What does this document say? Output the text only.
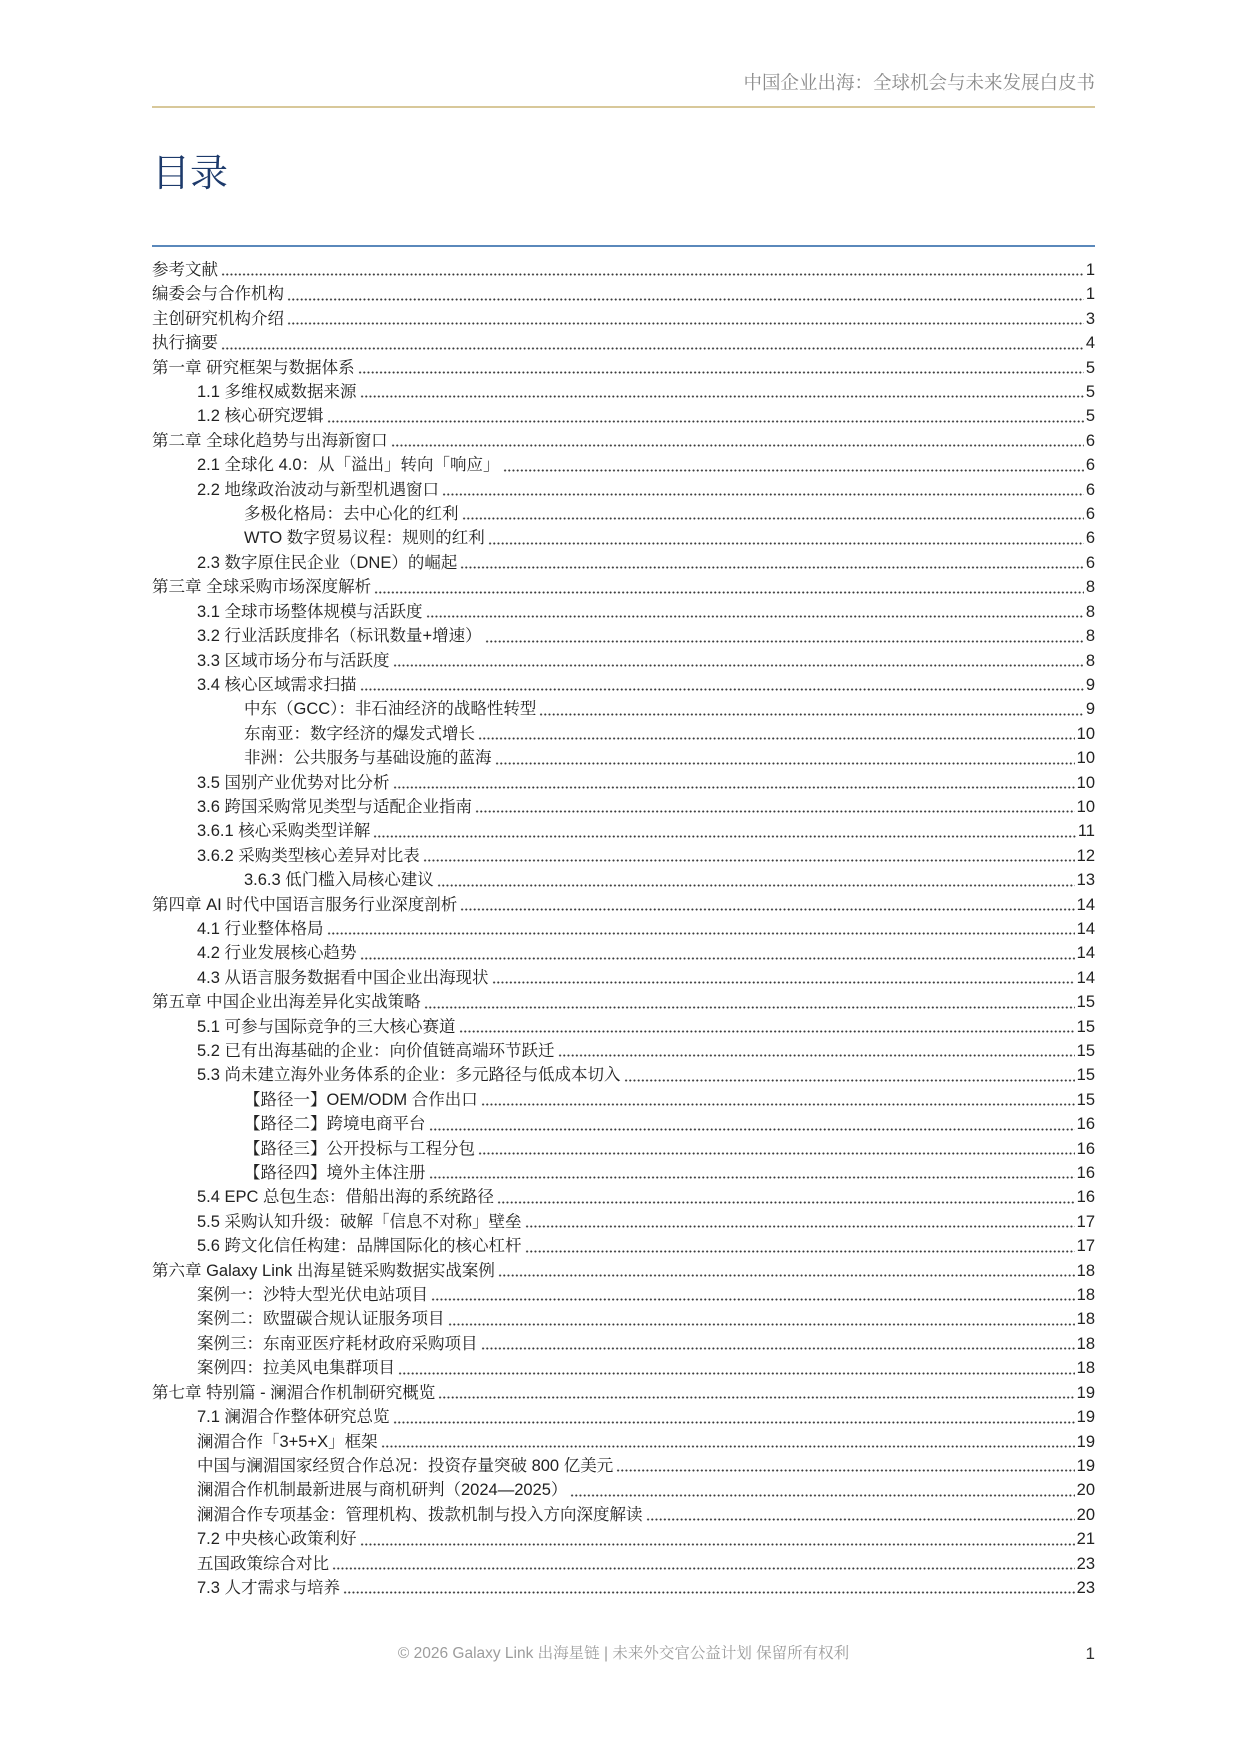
中国企业出海：全球机会与未来发展白皮书
目录
参考文献	1
编委会与合作机构	1
主创研究机构介绍	3
执行摘要	4
第一章 研究框架与数据体系	5
1.1 多维权威数据来源	5
1.2 核心研究逻辑	5
第二章 全球化趋势与出海新窗口	6
2.1 全球化 4.0：从「溢出」转向「响应」	6
2.2 地缘政治波动与新型机遇窗口	6
多极化格局：去中心化的红利	6
WTO 数字贸易议程：规则的红利	6
2.3 数字原住民企业（DNE）的崛起	6
第三章 全球采购市场深度解析	8
3.1 全球市场整体规模与活跃度	8
3.2 行业活跃度排名（标讯数量+增速）	8
3.3 区域市场分布与活跃度	8
3.4 核心区域需求扫描	9
中东（GCC）：非石油经济的战略性转型	9
东南亚：数字经济的爆发式增长	10
非洲：公共服务与基础设施的蓝海	10
3.5 国别产业优势对比分析	10
3.6 跨国采购常见类型与适配企业指南	10
3.6.1 核心采购类型详解	11
3.6.2 采购类型核心差异对比表	12
3.6.3 低门槛入局核心建议	13
第四章 AI 时代中国语言服务行业深度剖析	14
4.1 行业整体格局	14
4.2 行业发展核心趋势	14
4.3 从语言服务数据看中国企业出海现状	14
第五章 中国企业出海差异化实战策略	15
5.1 可参与国际竞争的三大核心赛道	15
5.2 已有出海基础的企业：向价值链高端环节跃迁	15
5.3 尚未建立海外业务体系的企业：多元路径与低成本切入	15
【路径一】OEM/ODM 合作出口	15
【路径二】跨境电商平台	16
【路径三】公开投标与工程分包	16
【路径四】境外主体注册	16
5.4 EPC 总包生态：借船出海的系统路径	16
5.5 采购认知升级：破解「信息不对称」壁垒	17
5.6 跨文化信任构建：品牌国际化的核心杠杆	17
第六章 Galaxy Link 出海星链采购数据实战案例	18
案例一：沙特大型光伏电站项目	18
案例二：欧盟碳合规认证服务项目	18
案例三：东南亚医疗耗材政府采购项目	18
案例四：拉美风电集群项目	18
第七章 特别篇 - 澜湄合作机制研究概览	19
7.1 澜湄合作整体研究总览	19
澜湄合作「3+5+X」框架	19
中国与澜湄国家经贸合作总况：投资存量突破 800 亿美元	19
澜湄合作机制最新进展与商机研判（2024—2025）	20
澜湄合作专项基金：管理机构、拨款机制与投入方向深度解读	20
7.2 中央核心政策利好	21
五国政策综合对比	23
7.3 人才需求与培养	23
© 2026 Galaxy Link 出海星链 | 未来外交官公益计划 保留所有权利	1
